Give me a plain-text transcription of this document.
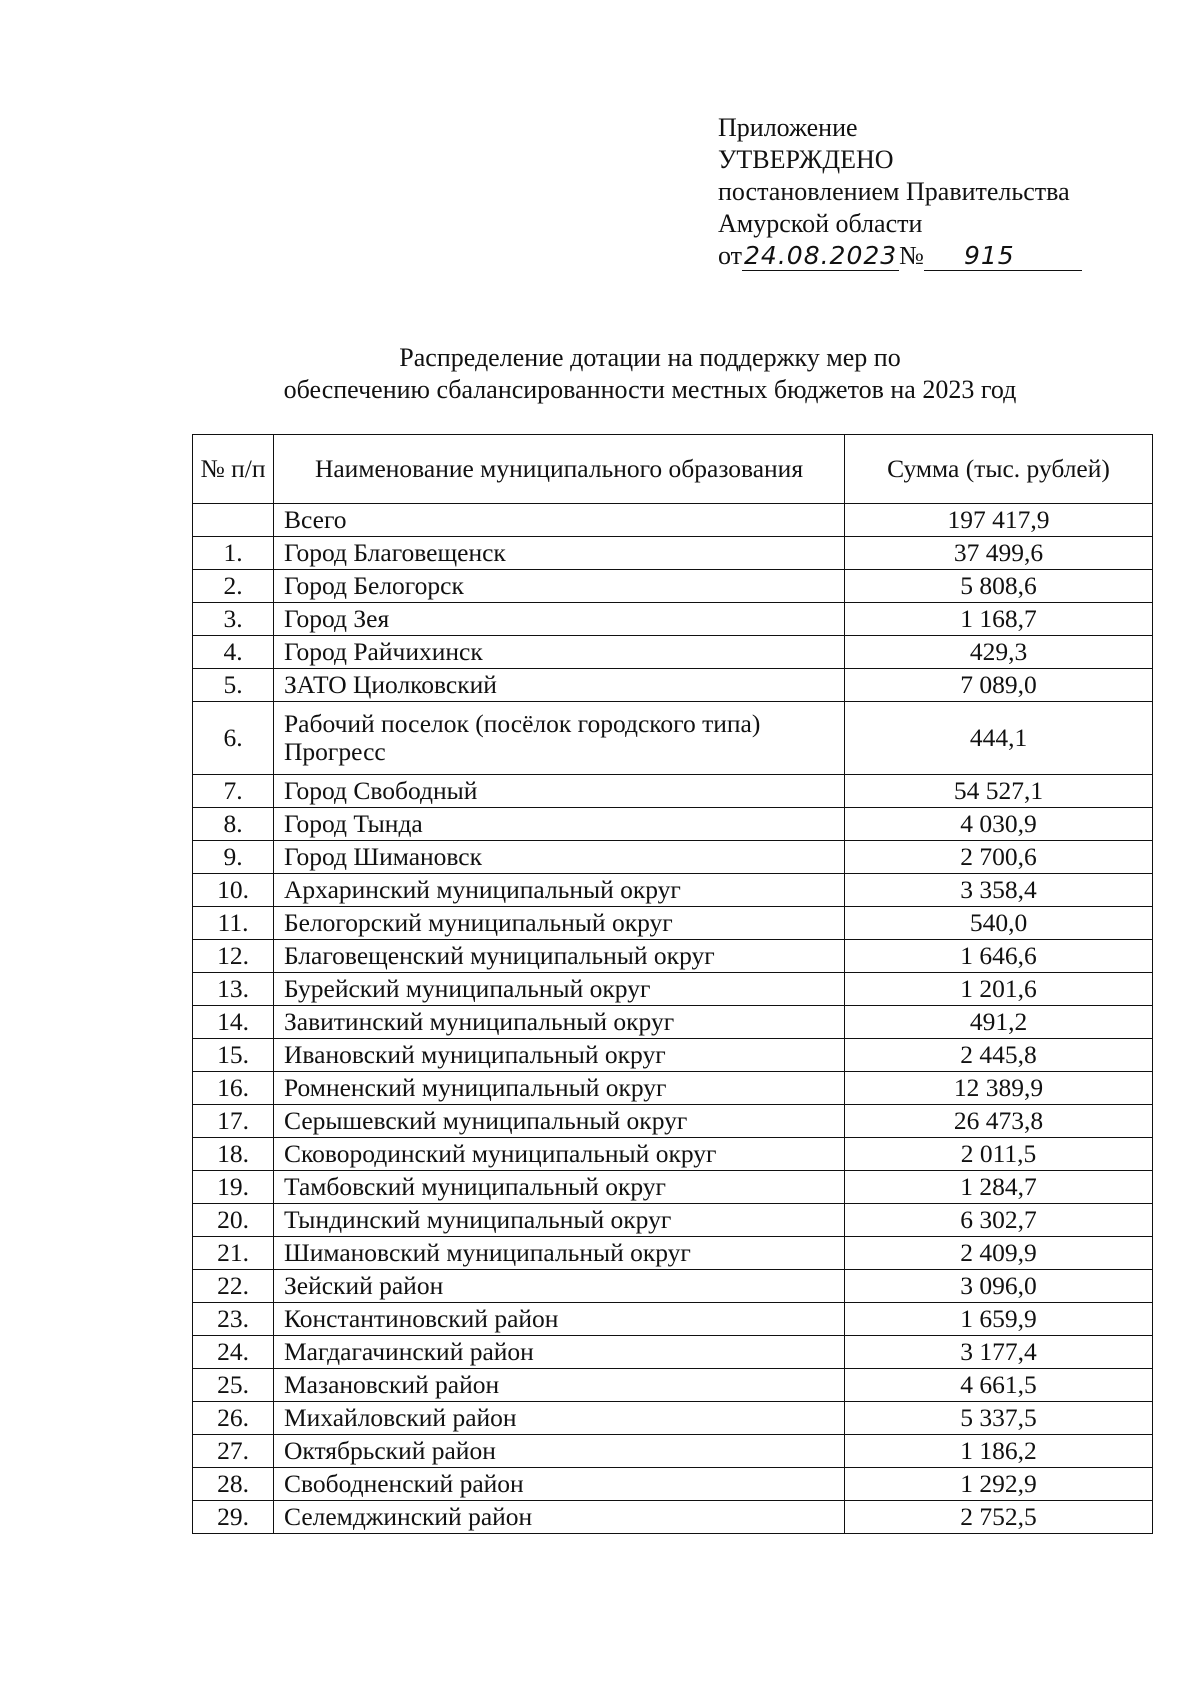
Приложение
УТВЕРЖДЕНО
постановлением Правительства
Амурской области
от 24.08.2023 №	915
Распределение дотации на поддержку мер по
обеспечению сбалансированности местных бюджетов на 2023 год
№ п/п	Наименование муниципального образования	Сумма (тыс. рублей)
	Всего	197 417,9
1.	Город Благовещенск	37 499,6
2.	Город Белогорск	5 808,6
3.	Город Зея	1 168,7
4.	Город Райчихинск	429,3
5.	ЗАТО Циолковский	7 089,0
6.	Рабочий поселок (посёлок городского типа) Прогресс	444,1
7.	Город Свободный	54 527,1
8.	Город Тында	4 030,9
9.	Город Шимановск	2 700,6
10.	Архаринский муниципальный округ	3 358,4
11.	Белогорский муниципальный округ	540,0
12.	Благовещенский муниципальный округ	1 646,6
13.	Бурейский муниципальный округ	1 201,6
14.	Завитинский муниципальный округ	491,2
15.	Ивановский муниципальный округ	2 445,8
16.	Ромненский муниципальный округ	12 389,9
17.	Серышевский муниципальный округ	26 473,8
18.	Сковородинский муниципальный округ	2 011,5
19.	Тамбовский муниципальный округ	1 284,7
20.	Тындинский муниципальный округ	6 302,7
21.	Шимановский муниципальный округ	2 409,9
22.	Зейский район	3 096,0
23.	Константиновский район	1 659,9
24.	Магдагачинский район	3 177,4
25.	Мазановский район	4 661,5
26.	Михайловский район	5 337,5
27.	Октябрьский район	1 186,2
28.	Свободненский район	1 292,9
29.	Селемджинский район	2 752,5
